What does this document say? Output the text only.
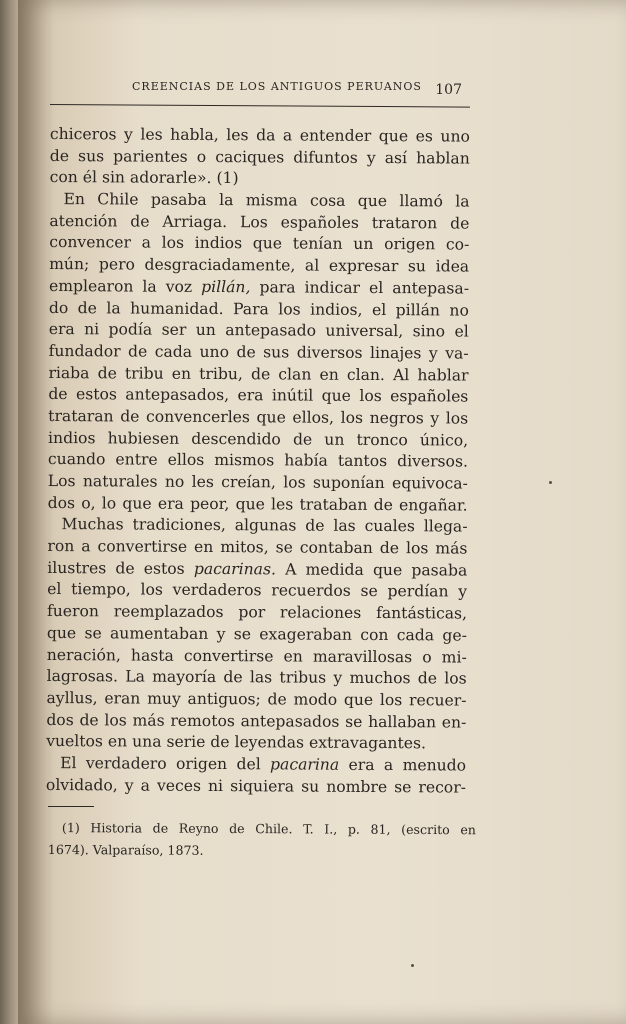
CREENCIAS DE LOS ANTIGUOS PERUANOS 107
chiceros y les habla, les da a entender que es uno
de sus parientes o caciques difuntos y así hablan
con él sin adorarle». (1)
En Chile pasaba la misma cosa que llamó la
atención de Arriaga. Los españoles trataron de
convencer a los indios que tenían un origen co-
mún; pero desgraciadamente, al expresar su idea
emplearon la voz pillán, para indicar el antepasa-
do de la humanidad. Para los indios, el pillán no
era ni podía ser un antepasado universal, sino el
fundador de cada uno de sus diversos linajes y va-
riaba de tribu en tribu, de clan en clan. Al hablar
de estos antepasados, era inútil que los españoles
trataran de convencerles que ellos, los negros y los
indios hubiesen descendido de un tronco único,
cuando entre ellos mismos había tantos diversos.
Los naturales no les creían, los suponían equivoca-
dos o, lo que era peor, que les trataban de engañar.
Muchas tradiciones, algunas de las cuales llega-
ron a convertirse en mitos, se contaban de los más
ilustres de estos pacarinas. A medida que pasaba
el tiempo, los verdaderos recuerdos se perdían y
fueron reemplazados por relaciones fantásticas,
que se aumentaban y se exageraban con cada ge-
neración, hasta convertirse en maravillosas o mi-
lagrosas. La mayoría de las tribus y muchos de los
ayllus, eran muy antiguos; de modo que los recuer-
dos de los más remotos antepasados se hallaban en-
vueltos en una serie de leyendas extravagantes.
El verdadero origen del pacarina era a menudo
olvidado, y a veces ni siquiera su nombre se recor-
(1) Historia de Reyno de Chile. T. I., p. 81, (escrito en
1674). Valparaíso, 1873.
